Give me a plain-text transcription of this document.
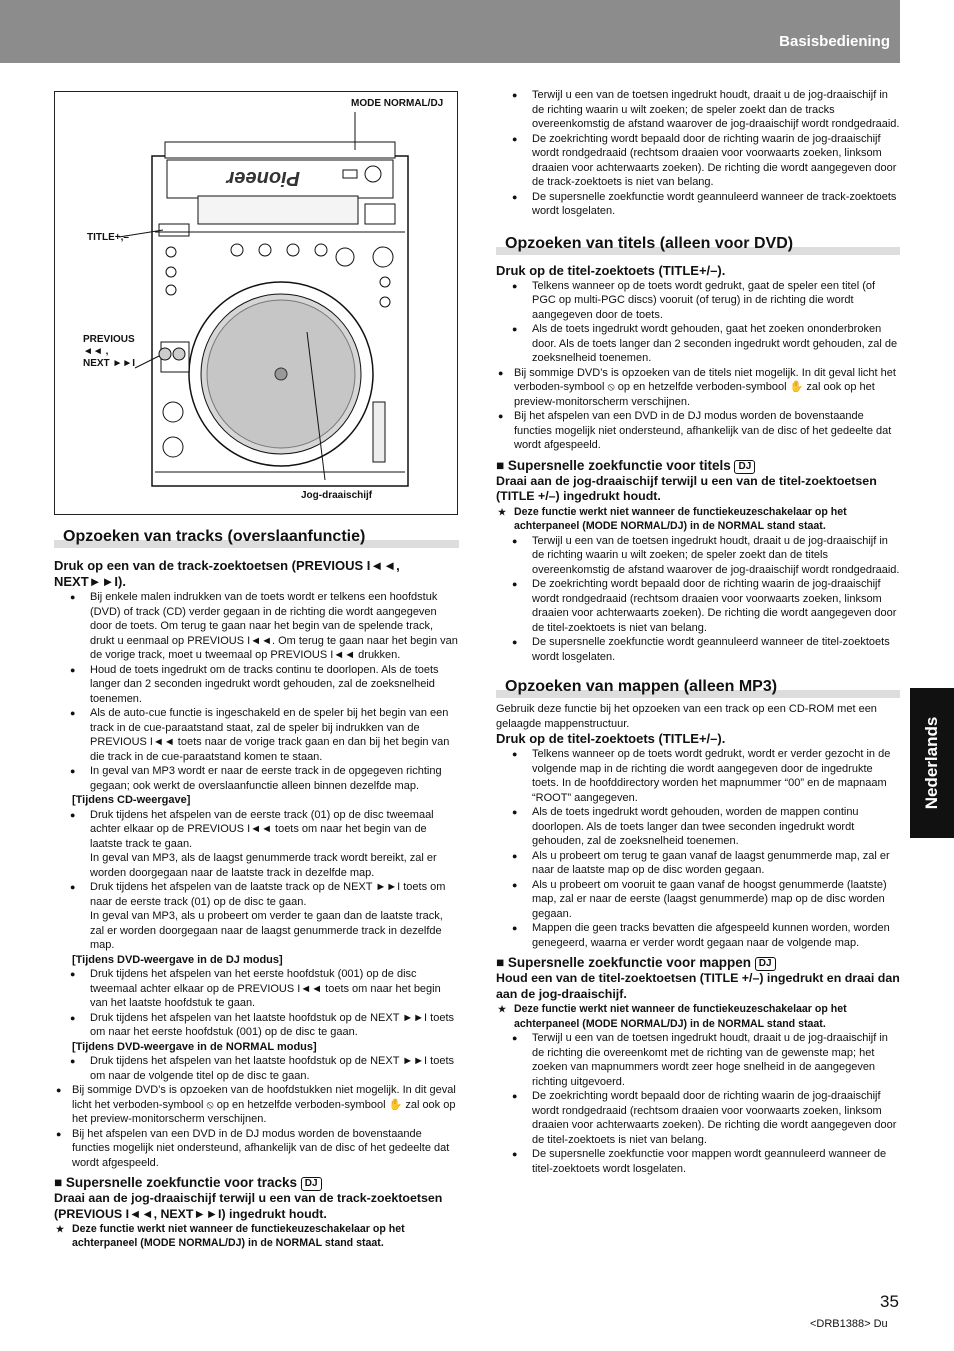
Basisbediening
Nederlands
Pioneer
MODE NORMAL/DJ
TITLE+,–
PREVIOUS
◄◄ ,
NEXT ►►I
Jog-draaischijf
Opzoeken van tracks (overslaanfunctie)
Druk op een van de track-zoektoetsen (PREVIOUS I◄◄, NEXT►►I).

● Bij enkele malen indrukken van de toets wordt er telkens een hoofdstuk (DVD) of track (CD) verder gegaan in de richting die wordt aangegeven door de toets. Om terug te gaan naar het begin van de spelende track, drukt u eenmaal op PREVIOUS I◄◄. Om terug te gaan naar het begin van de vorige track, moet u tweemaal op PREVIOUS I◄◄ drukken.

● Houd de toets ingedrukt om de tracks continu te doorlopen. Als de toets langer dan 2 seconden ingedrukt wordt gehouden, zal de zoeksnelheid toenemen.

● Als de auto-cue functie is ingeschakeld en de speler bij het begin van een track in de cue-paraatstand staat, zal de speler bij indrukken van de PREVIOUS I◄◄ toets naar de vorige track gaan en dan bij het begin van die track in de cue-paraatstand komen te staan.

● In geval van MP3 wordt er naar de eerste track in de opgegeven richting gegaan; ook werkt de overslaanfunctie alleen binnen dezelfde map.

[Tijdens CD-weergave]

● Druk tijdens het afspelen van de eerste track (01) op de disc tweemaal achter elkaar op de PREVIOUS I◄◄ toets om naar het begin van de laatste track te gaan.

In geval van MP3, als de laagst genummerde track wordt bereikt, zal er worden doorgegaan naar de laatste track in dezelfde map.

● Druk tijdens het afspelen van de laatste track op de NEXT ►►I toets om naar de eerste track (01) op de disc te gaan.

In geval van MP3, als u probeert om verder te gaan dan de laatste track, zal er worden doorgegaan naar de laagst genummerde track in dezelfde map.

[Tijdens DVD-weergave in de DJ modus]

● Druk tijdens het afspelen van het eerste hoofdstuk (001) op de disc tweemaal achter elkaar op de PREVIOUS I◄◄ toets om naar het begin van het laatste hoofdstuk te gaan.

● Druk tijdens het afspelen van het laatste hoofdstuk op de NEXT ►►I toets om naar het eerste hoofdstuk (001) op de disc te gaan.

[Tijdens DVD-weergave in de NORMAL modus]

● Druk tijdens het afspelen van het laatste hoofdstuk op de NEXT ►►I toets om naar de volgende titel op de disc te gaan.

● Bij sommige DVD’s is opzoeken van de hoofdstukken niet mogelijk. In dit geval licht het verboden-symbool ⦸ op en hetzelfde verboden-symbool ✋ zal ook op het preview-monitorscherm verschijnen.

● Bij het afspelen van een DVD in de DJ modus worden de bovenstaande functies mogelijk niet ondersteund, afhankelijk van de disc of het gedeelte dat wordt afgespeeld.

■ Supersnelle zoekfunctie voor tracks DJ
Draai aan de jog-draaischijf terwijl u een van de track-zoektoetsen (PREVIOUS I◄◄, NEXT►►I) ingedrukt houdt.

★ Deze functie werkt niet wanneer de functiekeuzeschakelaar op het achterpaneel (MODE NORMAL/DJ) in de NORMAL stand staat.

● Terwijl u een van de toetsen ingedrukt houdt, draait u de jog-draaischijf in de richting waarin u wilt zoeken; de speler zoekt dan de tracks overeenkomstig de afstand waarover de jog-draaischijf wordt rondgedraaid.

● De zoekrichting wordt bepaald door de richting waarin de jog-draaischijf wordt rondgedraaid (rechtsom draaien voor voorwaarts zoeken, linksom draaien voor achterwaarts zoeken). De richting die wordt aangegeven door de track-zoektoets is niet van belang.

● De supersnelle zoekfunctie wordt geannuleerd wanneer de track-zoektoets wordt losgelaten.

Opzoeken van titels (alleen voor DVD)
Druk op de titel-zoektoets (TITLE+/–).

● Telkens wanneer op de toets wordt gedrukt, gaat de speler een titel (of PGC op multi-PGC discs) vooruit (of terug) in de richting die wordt aangegeven door de toets.

● Als de toets ingedrukt wordt gehouden, gaat het zoeken ononderbroken door. Als de toets langer dan 2 seconden ingedrukt wordt gehouden, zal de zoeksnelheid toenemen.

● Bij sommige DVD’s is opzoeken van de titels niet mogelijk. In dit geval licht het verboden-symbool ⦸ op en hetzelfde verboden-symbool ✋ zal ook op het preview-monitorscherm verschijnen.

● Bij het afspelen van een DVD in de DJ modus worden de bovenstaande functies mogelijk niet ondersteund, afhankelijk van de disc of het gedeelte dat wordt afgespeeld.

■ Supersnelle zoekfunctie voor titels DJ
Draai aan de jog-draaischijf terwijl u een van de titel-zoektoetsen (TITLE +/–) ingedrukt houdt.

★ Deze functie werkt niet wanneer de functiekeuzeschakelaar op het achterpaneel (MODE NORMAL/DJ) in de NORMAL stand staat.

● Terwijl u een van de toetsen ingedrukt houdt, draait u de jog-draaischijf in de richting waarin u wilt zoeken; de speler zoekt dan de titels overeenkomstig de afstand waarover de jog-draaischijf wordt rondgedraaid.

● De zoekrichting wordt bepaald door de richting waarin de jog-draaischijf wordt rondgedraaid (rechtsom draaien voor voorwaarts zoeken, linksom draaien voor achterwaarts zoeken). De richting die wordt aangegeven door de titel-zoektoets is niet van belang.

● De supersnelle zoekfunctie wordt geannuleerd wanneer de titel-zoektoets wordt losgelaten.

Opzoeken van mappen (alleen MP3)

Gebruik deze functie bij het opzoeken van een track op een CD-ROM met een gelaagde mappenstructuur.

Druk op de titel-zoektoets (TITLE+/–).

● Telkens wanneer op de toets wordt gedrukt, wordt er verder gezocht in de volgende map in de richting die wordt aangegeven door de ingedrukte toets. In de hoofddirectory worden het mapnummer “00” en de mapnaam “ROOT” aangegeven.

● Als de toets ingedrukt wordt gehouden, worden de mappen continu doorlopen. Als de toets langer dan twee seconden ingedrukt wordt gehouden, zal de zoeksnelheid toenemen.

● Als u probeert om terug te gaan vanaf de laagst genummerde map, zal er naar de laatste map op de disc worden gegaan.

● Als u probeert om vooruit te gaan vanaf de hoogst genummerde (laatste) map, zal er naar de eerste (laagst genummerde) map op de disc worden gegaan.

● Mappen die geen tracks bevatten die afgespeeld kunnen worden, worden genegeerd, waarna er verder wordt gegaan naar de volgende map.

■ Supersnelle zoekfunctie voor mappen DJ
Houd een van de titel-zoektoetsen (TITLE +/–) ingedrukt en draai dan aan de jog-draaischijf.

★ Deze functie werkt niet wanneer de functiekeuzeschakelaar op het achterpaneel (MODE NORMAL/DJ) in de NORMAL stand staat.

● Terwijl u een van de toetsen ingedrukt houdt, draait u de jog-draaischijf in de richting die overeenkomt met de richting van de gewenste map; het zoeken van mapnummers wordt zeer hoge snelheid in de aangegeven richting uitgevoerd.

● De zoekrichting wordt bepaald door de richting waarin de jog-draaischijf wordt rondgedraaid (rechtsom draaien voor voorwaarts zoeken, linksom draaien voor achterwaarts zoeken). De richting die wordt aangegeven door de titel-zoektoets is niet van belang.

● De supersnelle zoekfunctie voor mappen wordt geannuleerd wanneer de titel-zoektoets wordt losgelaten.

35
<DRB1388> Du
